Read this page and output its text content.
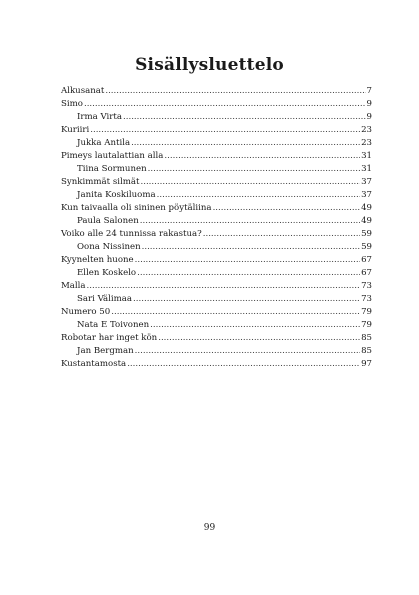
Sisällysluettelo
Alkusanat .....	7
Simo .....	9
Irma Virta .....	9
Kuriiri .....	23
Jukka Antila .....	23
Pimeys lautalattian alla .....	31
Tiina Sormunen .....	31
Synkimmät silmät .....	37
Janita Koskiluoma .....	37
Kun taivaalla oli sininen pöytäliina .....	49
Paula Salonen .....	49
Voiko alle 24 tunnissa rakastua? .....	59
Oona Nissinen .....	59
Kyynelten huone .....	67
Ellen Koskelo .....	67
Malla .....	73
Sari Välimaa .....	73
Numero 50 .....	79
Nata E Toivonen .....	79
Robotar har inget kön .....	85
Jan Bergman .....	85
Kustantamosta .....	97
99
